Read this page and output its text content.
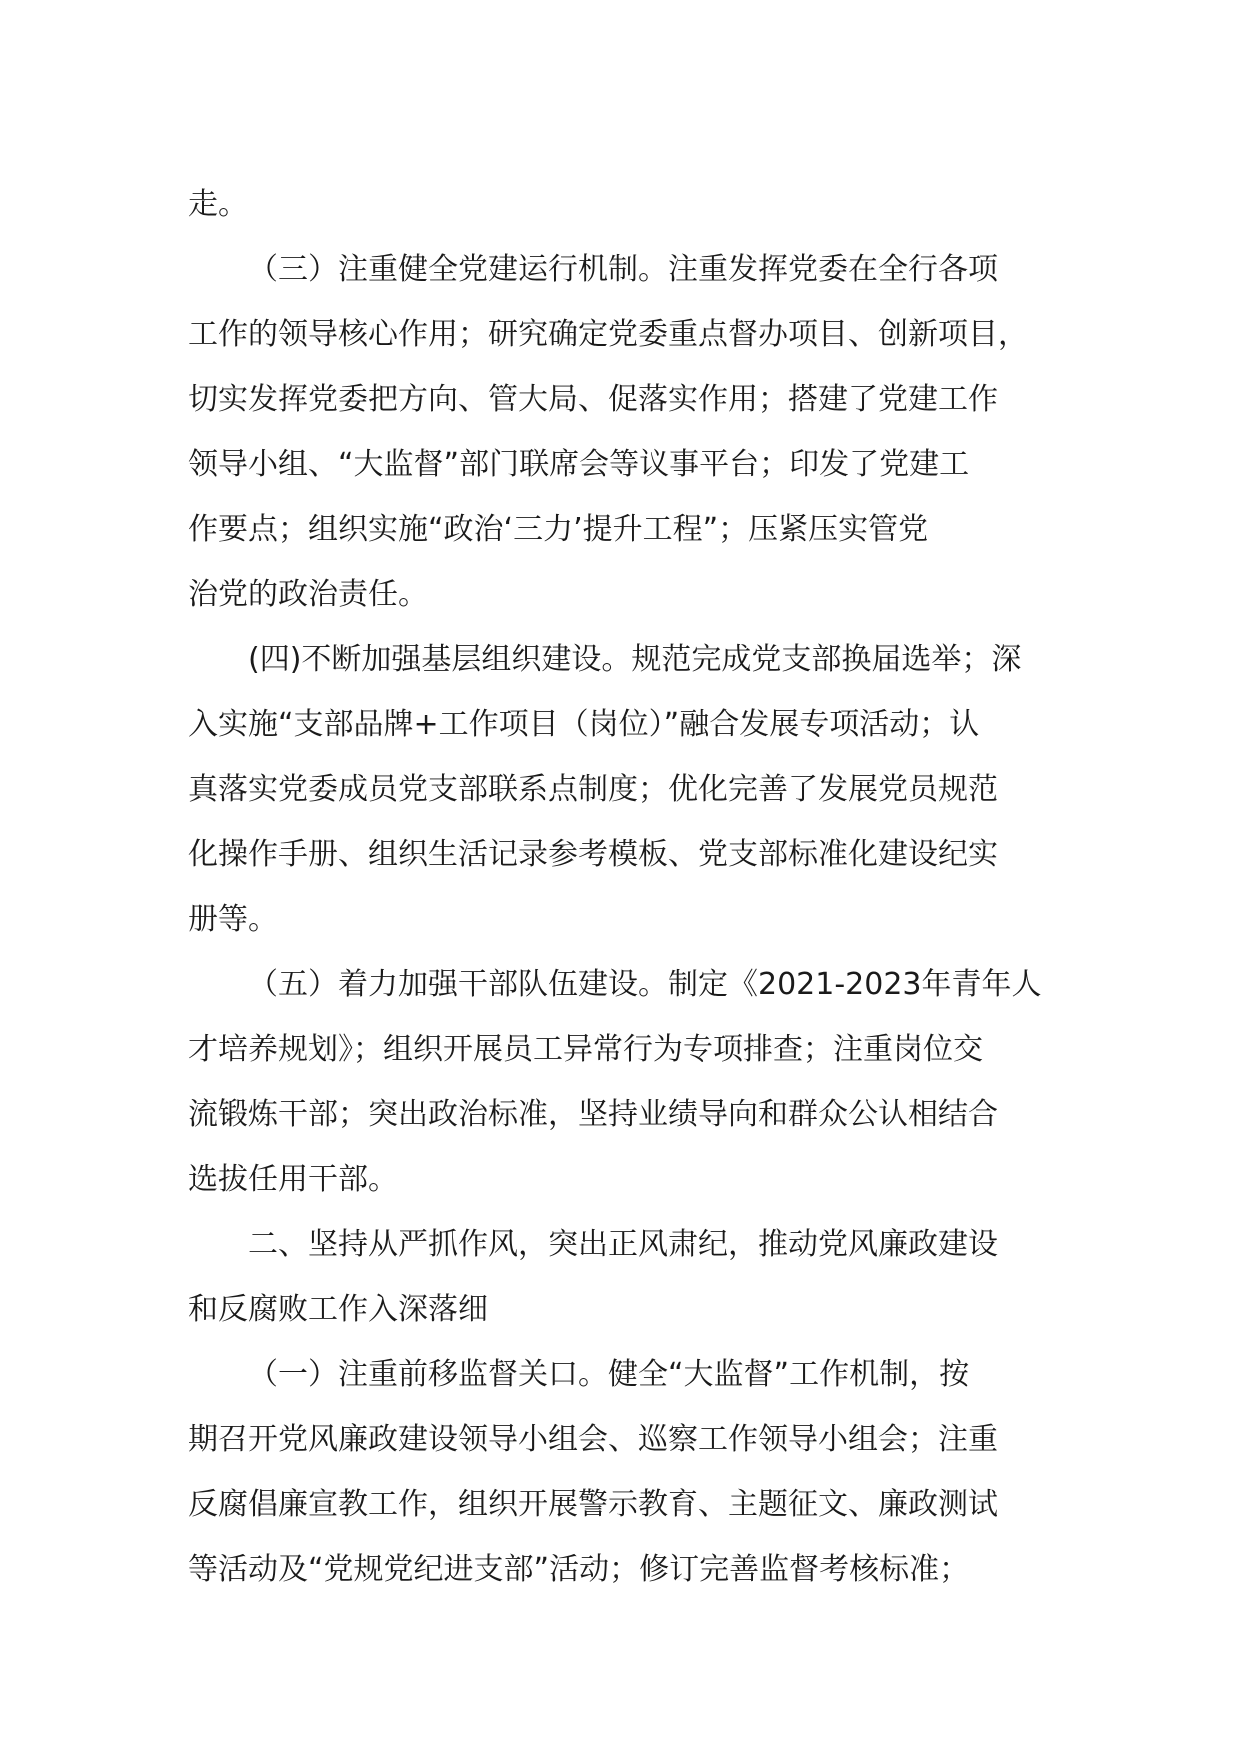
走。
（三）注重健全党建运行机制。注重发挥党委在全行各项
工作的领导核心作用；研究确定党委重点督办项目、创新项目，
切实发挥党委把方向、管大局、促落实作用；搭建了党建工作
领导小组、“大监督”部门联席会等议事平台；印发了党建工
作要点；组织实施“政治‘三力’提升工程”；压紧压实管党
治党的政治责任。
(四)不断加强基层组织建设。规范完成党支部换届选举；深
入实施“支部品牌+工作项目（岗位）”融合发展专项活动；认
真落实党委成员党支部联系点制度；优化完善了发展党员规范
化操作手册、组织生活记录参考模板、党支部标准化建设纪实
册等。
（五）着力加强干部队伍建设。制定《2021-2023年青年人
才培养规划》；组织开展员工异常行为专项排查；注重岗位交
流锻炼干部；突出政治标准，坚持业绩导向和群众公认相结合
选拔任用干部。
二、坚持从严抓作风，突出正风肃纪，推动党风廉政建设
和反腐败工作入深落细
（一）注重前移监督关口。健全“大监督”工作机制，按
期召开党风廉政建设领导小组会、巡察工作领导小组会；注重
反腐倡廉宣教工作，组织开展警示教育、主题征文、廉政测试
等活动及“党规党纪进支部”活动；修订完善监督考核标准；
